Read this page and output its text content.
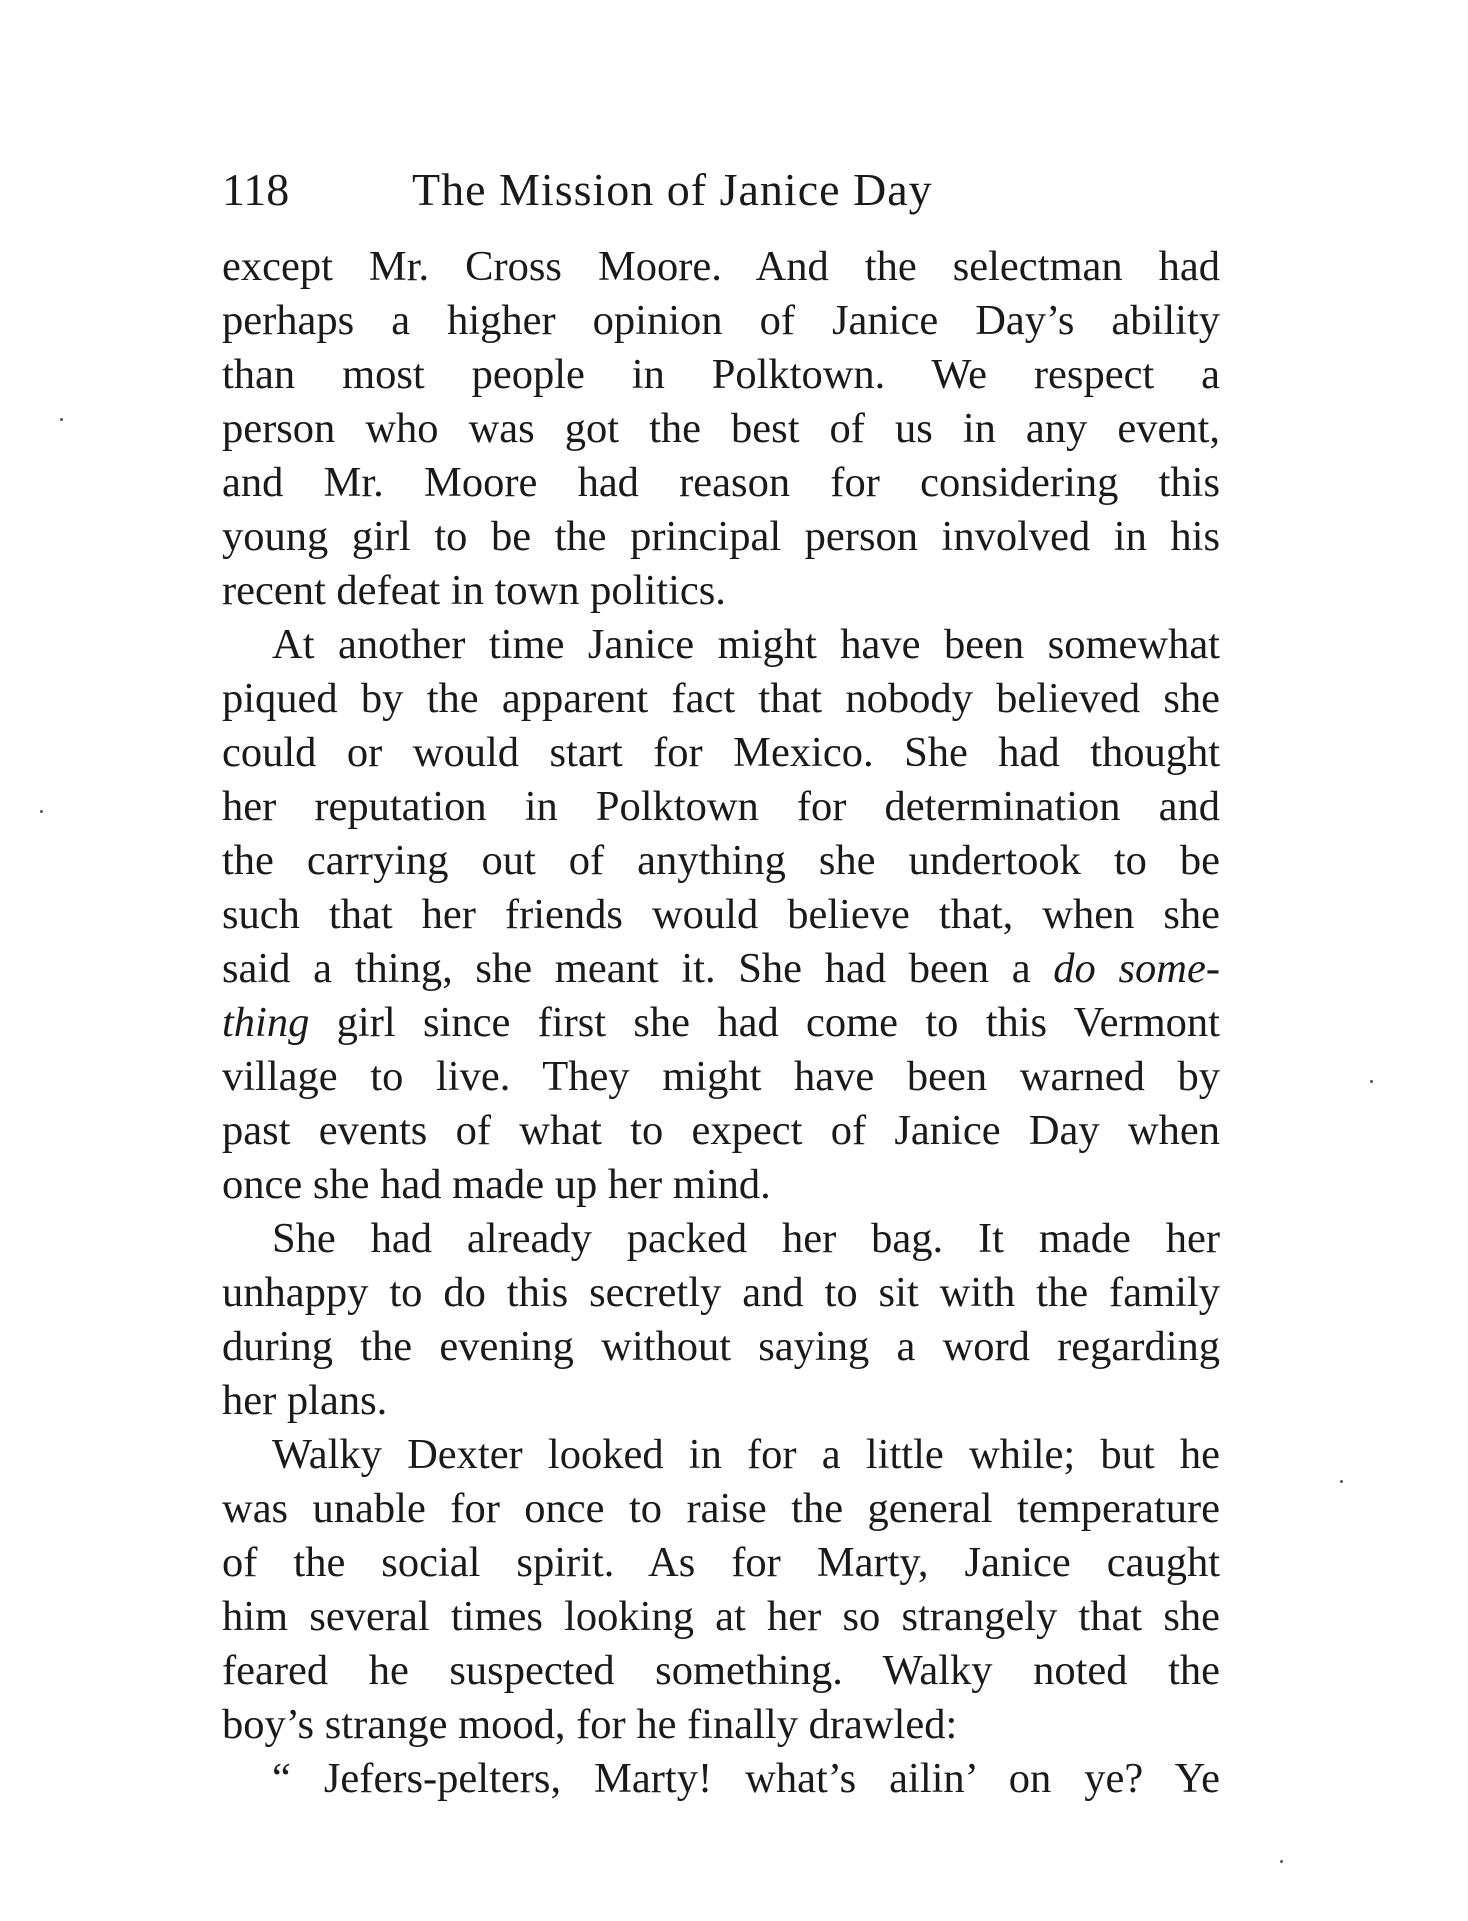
118	The Mission of Janice Day
except Mr. Cross Moore. And the selectman had
perhaps a higher opinion of Janice Day’s ability
than most people in Polktown. We respect a
person who was got the best of us in any event,
and Mr. Moore had reason for considering this
young girl to be the principal person involved in his
recent defeat in town politics.
At another time Janice might have been somewhat
piqued by the apparent fact that nobody believed she
could or would start for Mexico. She had thought
her reputation in Polktown for determination and
the carrying out of anything she undertook to be
such that her friends would believe that, when she
said a thing, she meant it. She had been a do some-
thing girl since first she had come to this Vermont
village to live. They might have been warned by
past events of what to expect of Janice Day when
once she had made up her mind.
She had already packed her bag. It made her
unhappy to do this secretly and to sit with the family
during the evening without saying a word regarding
her plans.
Walky Dexter looked in for a little while; but he
was unable for once to raise the general temperature
of the social spirit. As for Marty, Janice caught
him several times looking at her so strangely that she
feared he suspected something. Walky noted the
boy’s strange mood, for he finally drawled:
“ Jefers-pelters, Marty! what’s ailin’ on ye? Ye
